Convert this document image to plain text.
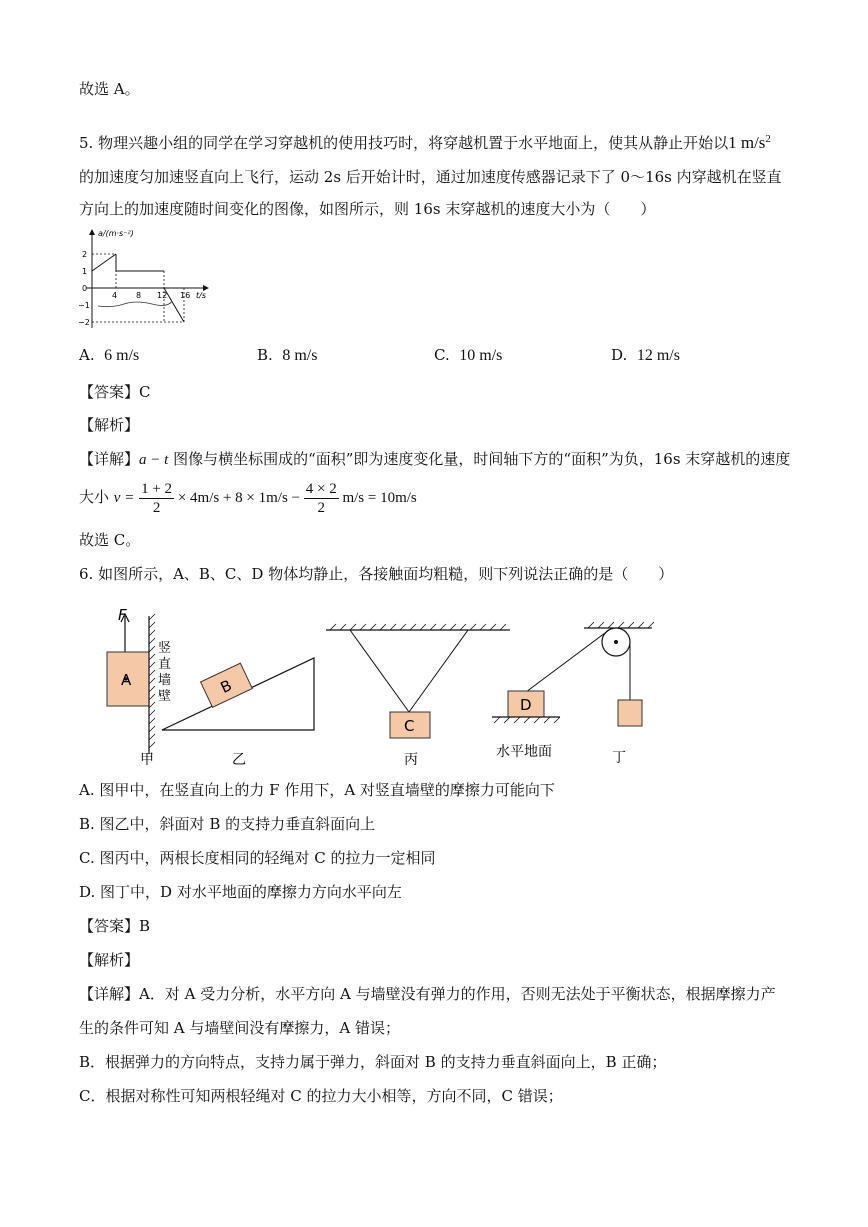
故选 A。
5. 物理兴趣小组的同学在学习穿越机的使用技巧时，将穿越机置于水平地面上，使其从静止开始以1 $m/s^2$
的加速度匀加速竖直向上飞行，运动 2s 后开始计时，通过加速度传感器记录下了 0～16s 内穿越机在竖直
方向上的加速度随时间变化的图像，如图所示，则 16s 末穿越机的速度大小为（　　）
a/(m·s⁻²)
t/s
2
1
0
−1
−2
4 8 12 16
A. 6 m/s	B. 8 m/s	C. 10 m/s	D. 12 m/s
【答案】C
【解析】
【详解】a − t 图像与横坐标围成的“面积”即为速度变化量，时间轴下方的“面积”为负，16s 末穿越机的速度
大小 $v = \frac{1 + 2}{2} \times 4m/s + 8 \times 1m/s - \frac{4 \times 2}{2} m/s = 10m/s$
故选 C。
6. 如图所示，A、B、C、D 物体均静止，各接触面均粗糙，则下列说法正确的是（　　）
F
A
竖
直
墙
壁
甲
B
乙
C
丙
D
水平地面	丁
A. 图甲中，在竖直向上的力 F 作用下，A 对竖直墙壁的摩擦力可能向下
B. 图乙中，斜面对 B 的支持力垂直斜面向上
C. 图丙中，两根长度相同的轻绳对 C 的拉力一定相同
D. 图丁中，D 对水平地面的摩擦力方向水平向左
【答案】B
【解析】
【详解】A．对 A 受力分析，水平方向 A 与墙壁没有弹力的作用，否则无法处于平衡状态，根据摩擦力产
生的条件可知 A 与墙壁间没有摩擦力，A 错误；
B．根据弹力的方向特点，支持力属于弹力，斜面对 B 的支持力垂直斜面向上，B 正确；
C．根据对称性可知两根轻绳对 C 的拉力大小相等，方向不同，C 错误；
